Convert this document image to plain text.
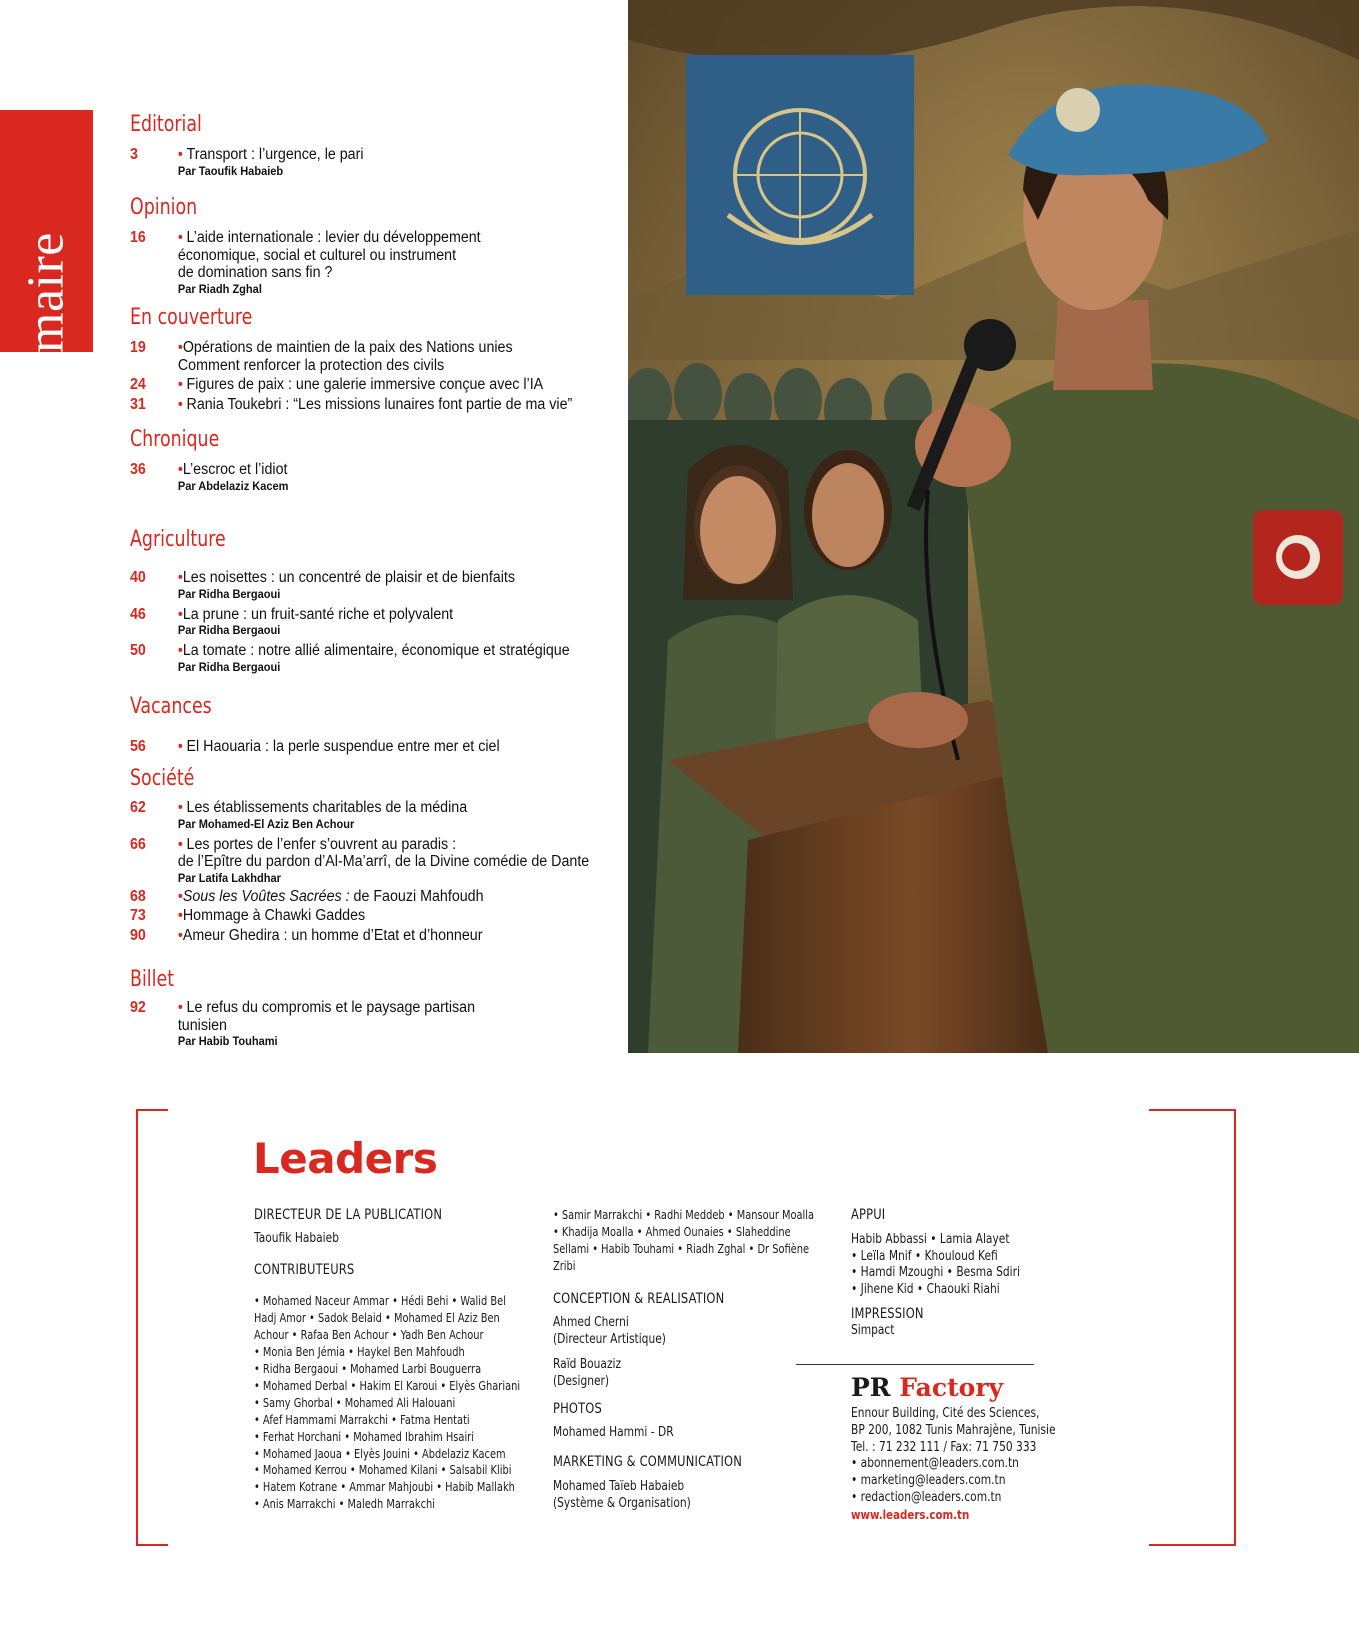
Sommaire
Editorial
3	• Transport : l’urgence, le pari
Par Taoufik Habaieb
Opinion
16 • L’aide internationale : levier du développement
économique, social et culturel ou instrument
de domination sans fin ?
Par Riadh Zghal
En couverture
19 •Opérations de maintien de la paix des Nations unies
Comment renforcer la protection des civils
24 • Figures de paix : une galerie immersive conçue avec l’IA
31 • Rania Toukebri : “Les missions lunaires font partie de ma vie”
Chronique
36 •L’escroc et l’idiot
Par Abdelaziz Kacem
Agriculture
40 •Les noisettes : un concentré de plaisir et de bienfaits
Par Ridha Bergaoui
46 •La prune : un fruit-santé riche et polyvalent
Par Ridha Bergaoui
50 •La tomate : notre allié alimentaire, économique et stratégique
Par Ridha Bergaoui
Vacances
56 • El Haouaria : la perle suspendue entre mer et ciel
Société
62 • Les établissements charitables de la médina
Par Mohamed-El Aziz Ben Achour
66 • Les portes de l’enfer s’ouvrent au paradis :
de l’Epître du pardon d’Al-Ma’arrî, de la Divine comédie de Dante
Par Latifa Lakhdhar
68 •Sous les Voûtes Sacrées : de Faouzi Mahfoudh
73 •Hommage à Chawki Gaddes
90 •Ameur Ghedira : un homme d’Etat et d’honneur
Billet
92 • Le refus du compromis et le paysage partisan
tunisien
Par Habib Touhami
Leaders
DIRECTEUR DE LA PUBLICATION
Taoufik Habaieb
CONTRIBUTEURS
• Mohamed Naceur Ammar • Hédi Behi • Walid Bel
Hadj Amor • Sadok Belaid • Mohamed El Aziz Ben
Achour • Rafaa Ben Achour • Yadh Ben Achour
• Monia Ben Jémia • Haykel Ben Mahfoudh
• Ridha Bergaoui • Mohamed Larbi Bouguerra
• Mohamed Derbal • Hakim El Karoui • Elyès Ghariani
• Samy Ghorbal • Mohamed Ali Halouani
• Afef Hammami Marrakchi • Fatma Hentati
• Ferhat Horchani • Mohamed Ibrahim Hsairi
• Mohamed Jaoua • Elyès Jouini • Abdelaziz Kacem
• Mohamed Kerrou • Mohamed Kilani • Salsabil Klibi
• Hatem Kotrane • Ammar Mahjoubi • Habib Mallakh
• Anis Marrakchi • Maledh Marrakchi
• Samir Marrakchi • Radhi Meddeb • Mansour Moalla
• Khadija Moalla • Ahmed Ounaies • Slaheddine
Sellami • Habib Touhami • Riadh Zghal • Dr Sofiène
Zribi
CONCEPTION & REALISATION
Ahmed Cherni
(Directeur Artistique)
Raïd Bouaziz
(Designer)
PHOTOS
Mohamed Hammi - DR
MARKETING & COMMUNICATION
Mohamed Taïeb Habaieb
(Système & Organisation)
APPUI
Habib Abbassi • Lamia Alayet
• Leïla Mnif • Khouloud Kefi
• Hamdi Mzoughi • Besma Sdiri
• Jihene Kid • Chaouki Riahi
IMPRESSION
Simpact
PR Factory
Ennour Building, Cité des Sciences,
BP 200, 1082 Tunis Mahrajène, Tunisie
Tel. : 71 232 111 / Fax: 71 750 333
• abonnement@leaders.com.tn
• marketing@leaders.com.tn
• redaction@leaders.com.tn
www.leaders.com.tn
